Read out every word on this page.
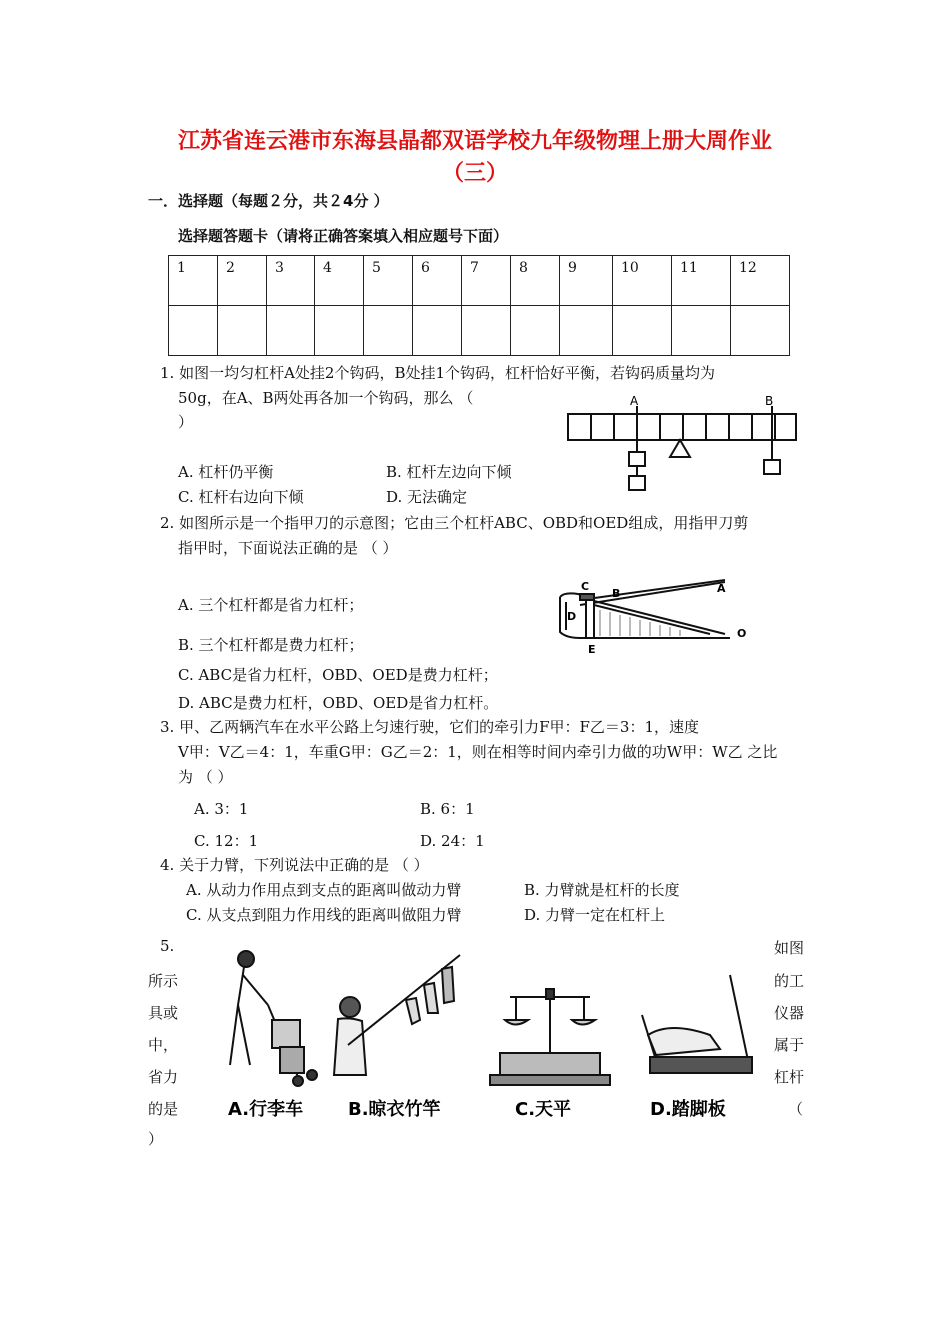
江苏省连云港市东海县晶都双语学校九年级物理上册大周作业
（三）
一．选择题（每题２分，共２4分 ）
选择题答题卡（请将正确答案填入相应题号下面）
1	2	3	4	5	6	7	8	9	10	11	12

1. 如图一均匀杠杆A处挂2个钩码，B处挂1个钩码，杠杆恰好平衡，若钩码质量均为
50g，在A、B两处再各加一个钩码，那么 （
）
A. 杠杆仍平衡	B. 杠杆左边向下倾
C. 杠杆右边向下倾	D. 无法确定
A	B
2. 如图所示是一个指甲刀的示意图；它由三个杠杆ABC、OBD和OED组成，用指甲刀剪
指甲时，下面说法正确的是 （ ）
A. 三个杠杆都是省力杠杆；
B. 三个杠杆都是费力杠杆；
C. ABC是省力杠杆，OBD、OED是费力杠杆；
D. ABC是费力杠杆，OBD、OED是省力杠杆。
C
B	A
D
E
O
3. 甲、乙两辆汽车在水平公路上匀速行驶，它们的牵引力F甲：F乙＝3：1，速度
V甲：V乙＝4：1，车重G甲：G乙＝2：1，则在相等时间内牵引力做的功W甲：W乙 之比
为 （ ）
A. 3：1	B. 6：1
C. 12：1	D. 24：1
4. 关于力臂，下列说法中正确的是 （ ）
A. 从动力作用点到支点的距离叫做动力臂	B. 力臂就是杠杆的长度
C. 从支点到阻力作用线的距离叫做阻力臂	D. 力臂一定在杠杆上
5.
所示
具或
中，
省力
的是
）
如图
的工
仪器
属于
杠杆
（
A.行李车 B.晾衣竹竿	C.天平	D.踏脚板
